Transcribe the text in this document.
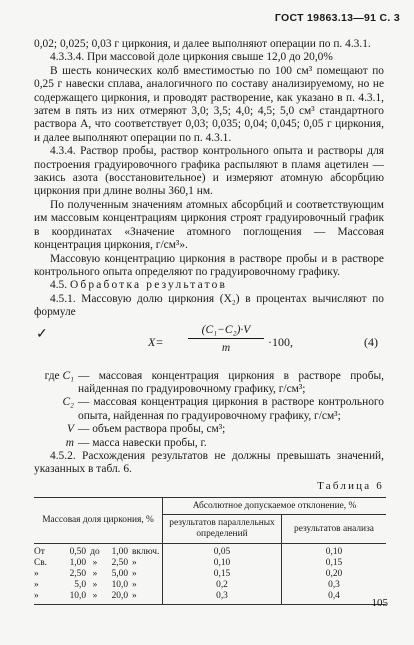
ГОСТ 19863.13—91 С. 3

0,02; 0,025; 0,03 г циркония, и далее выполняют операции по п. 4.3.1.

4.3.3.4. При массовой доле циркония свыше 12,0 до 20,0%

В шесть конических колб вместимостью по 100 см³ помещают по 0,25 г навески сплава, аналогичного по составу анализируемому, но не содержащего циркония, и проводят растворение, как указано в п. 4.3.1, затем в пять из них отмеряют 3,0; 3,5; 4,0; 4,5; 5,0 см³ стандартного раствора А, что соответствует 0,03; 0,035; 0,04; 0,045; 0,05 г циркония, и далее выполняют операции по п. 4.3.1.

4.3.4. Раствор пробы, раствор контрольного опыта и растворы для построения градуировочного графика распыляют в пламя ацетилен — закись азота (восстановительное) и измеряют атомную абсорбцию циркония при длине волны 360,1 нм.

По полученным значениям атомных абсорбций и соответствующим им массовым концентрациям циркония строят градуировочный график в координатах «Значение атомного поглощения — Массовая концентрация циркония, г/см³».

Массовую концентрацию циркония в растворе пробы и в растворе контрольного опыта определяют по градуировочному графику.

4.5. Обработка результатов

4.5.1. Массовую долю циркония (X₂) в процентах вычисляют по формуле

✓	$X= \frac{\text{(C₁−C₂)·V}}{m} \cdot 100$,	(4)
где C₁ — массовая концентрация циркония в растворе пробы, найденная по градуировочному графику, г/см³;
C₂ — массовая концентрация циркония в растворе контрольного опыта, найденная по градуировочному графику, г/см³;
V — объем раствора пробы, см³;
m — масса навески пробы, г.

4.5.2. Расхождения результатов не должны превышать значений, указанных в табл. 6.

Таблица 6
Массовая доля циркония, %	Абсолютное допускаемое отклонение, %	
	результатов параллельных определений	результатов анализа

От 0,50 до 1,00 включ.	0,05	0,10

Св. 1,00 » 2,50 »	0,10	0,15

» 2,50 » 5,00 »	0,15	0,20

» 5,0 » 10,0 »	0,2	0,3

» 10,0 » 20,0 »	0,3	0,4
105
